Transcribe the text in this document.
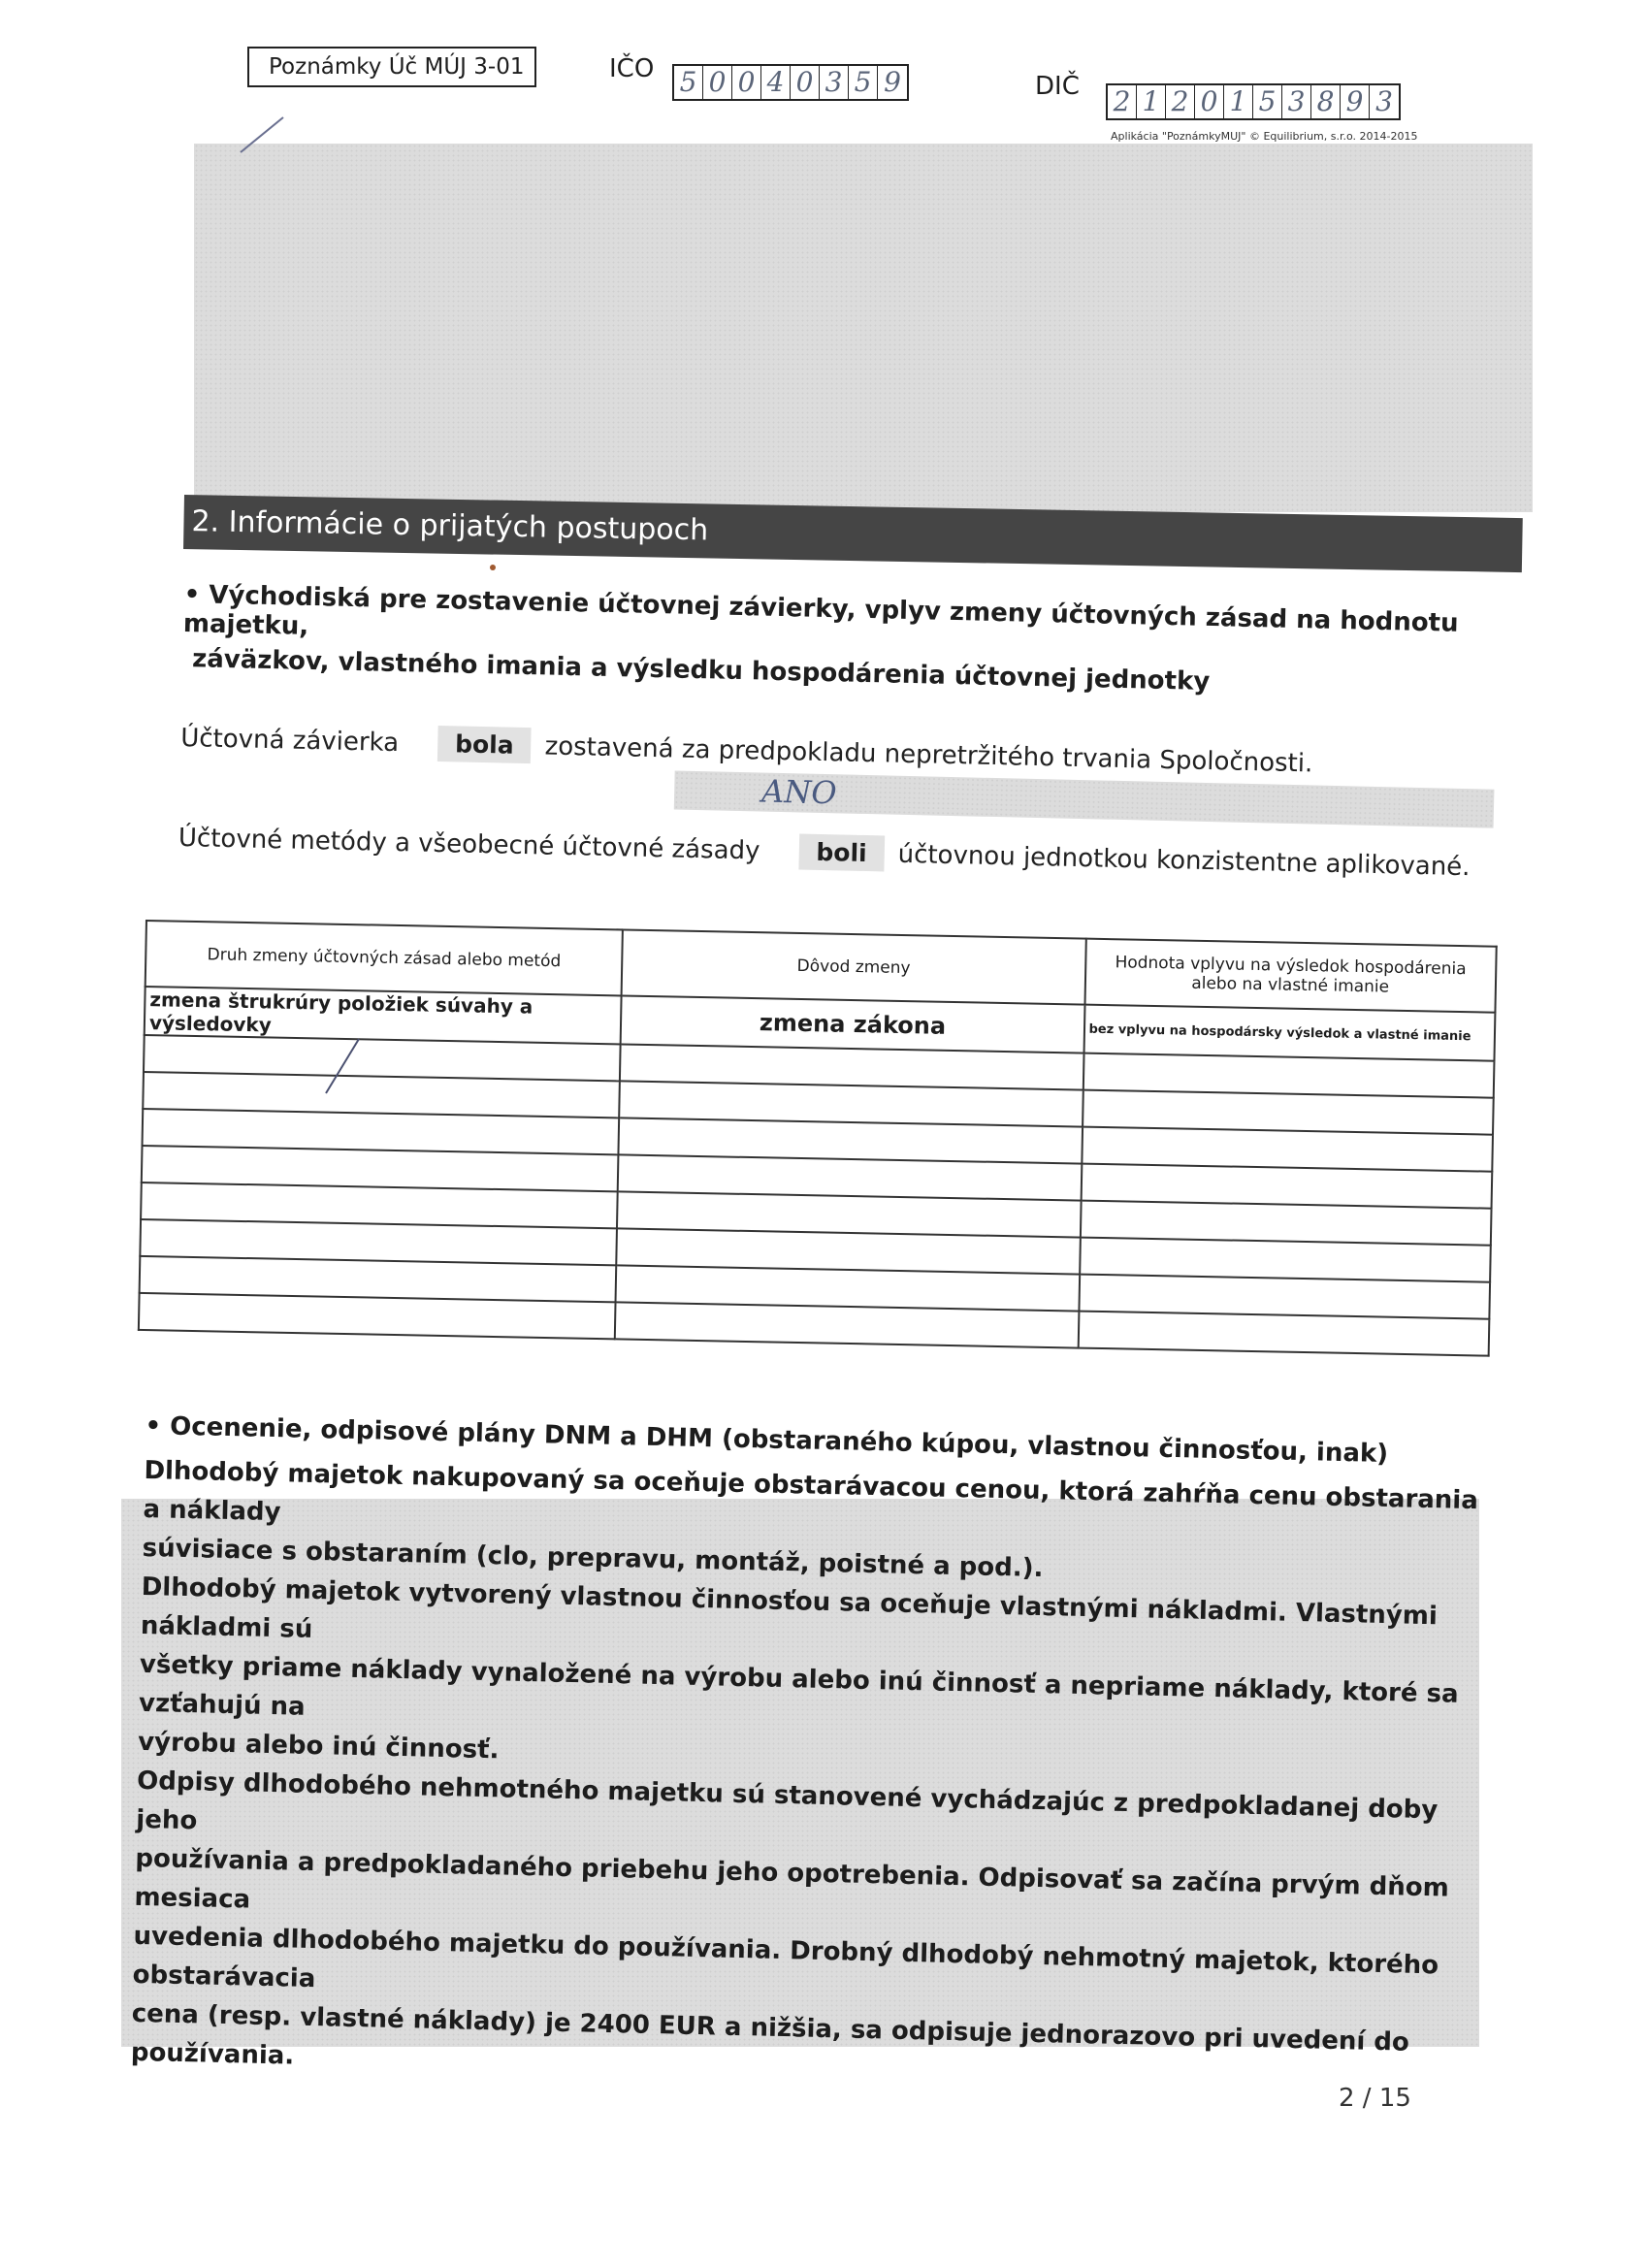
Poznámky Úč MÚJ 3-01	IČO 5 0 0 4 0 3 5 9	DIČ 2 1 2 0 1 5 3 8 9 3
Aplikácia "PoznámkyMUJ" © Equilibrium, s.r.o. 2014-2015
2. Informácie o prijatých postupoch
• Východiská pre zostavenie účtovnej závierky, vplyv zmeny účtovných zásad na hodnotu majetku,
záväzkov, vlastného imania a výsledku hospodárenia účtovnej jednotky
Účtovná závierka	bola	zostavená za predpokladu nepretržitého trvania Spoločnosti.
ANO
Účtovné metódy a všeobecné účtovné zásady	boli	účtovnou jednotkou konzistentne aplikované.
Druh zmeny účtovných zásad alebo metód	Dôvod zmeny	Hodnota vplyvu na výsledok hospodárenia alebo na vlastné imanie
zmena štrukrúry položiek súvahy a výsledovky	zmena zákona	bez vplyvu na hospodársky výsledok a vlastné imanie

• Ocenenie, odpisové plány DNM a DHM (obstaraného kúpou, vlastnou činnosťou, inak)

Dlhodobý majetok nakupovaný sa oceňuje obstarávacou cenou, ktorá zahŕňa cenu obstarania a náklady

súvisiace s obstaraním (clo, prepravu, montáž, poistné a pod.).

Dlhodobý majetok vytvorený vlastnou činnosťou sa oceňuje vlastnými nákladmi. Vlastnými nákladmi sú

všetky priame náklady vynaložené na výrobu alebo inú činnosť a nepriame náklady, ktoré sa vzťahujú na

výrobu alebo inú činnosť.

Odpisy dlhodobého nehmotného majetku sú stanovené vychádzajúc z predpokladanej doby jeho

používania a predpokladaného priebehu jeho opotrebenia. Odpisovať sa začína prvým dňom mesiaca

uvedenia dlhodobého majetku do používania. Drobný dlhodobý nehmotný majetok, ktorého obstarávacia

cena (resp. vlastné náklady) je 2400 EUR a nižšia, sa odpisuje jednorazovo pri uvedení do používania.

2 / 15
